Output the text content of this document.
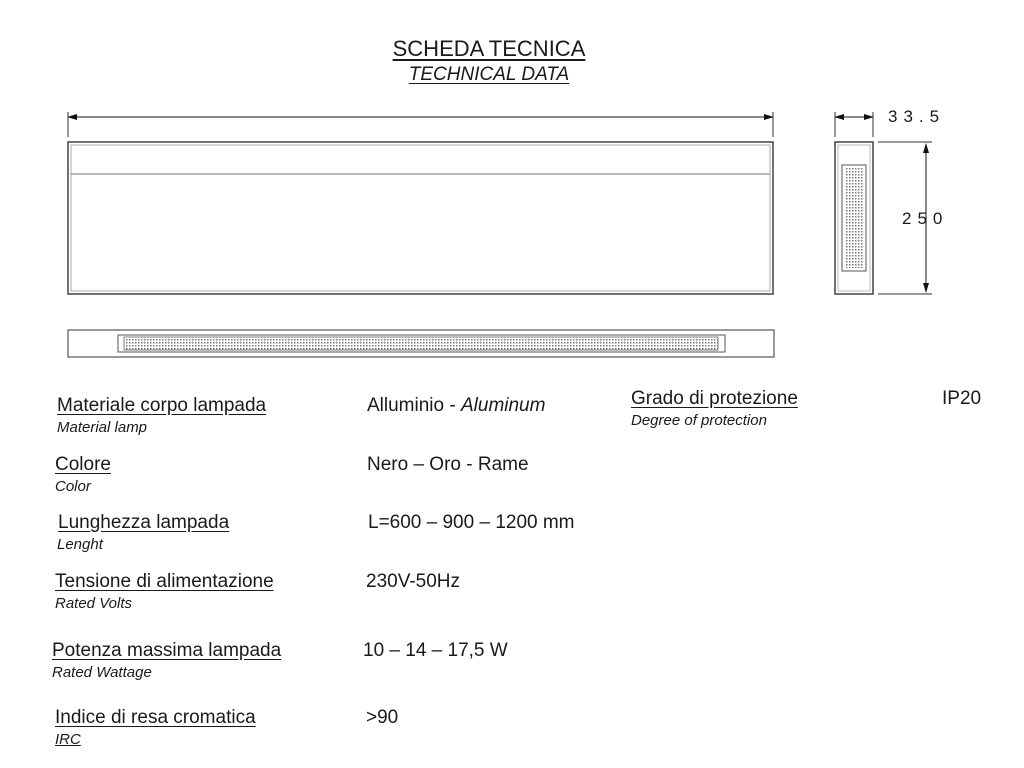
SCHEDA TECNICA
TECHNICAL DATA
33.5
250
Materiale corpo lampada
Material lamp
Alluminio - Aluminum
Colore
Color
Nero – Oro - Rame
Lunghezza lampada
Lenght
L=600 – 900 – 1200 mm
Tensione di alimentazione
Rated Volts
230V-50Hz
Potenza massima lampada
Rated Wattage
10 – 14 – 17,5 W
Indice di resa cromatica
IRC
>90
Grado di protezione
Degree of protection
IP20
